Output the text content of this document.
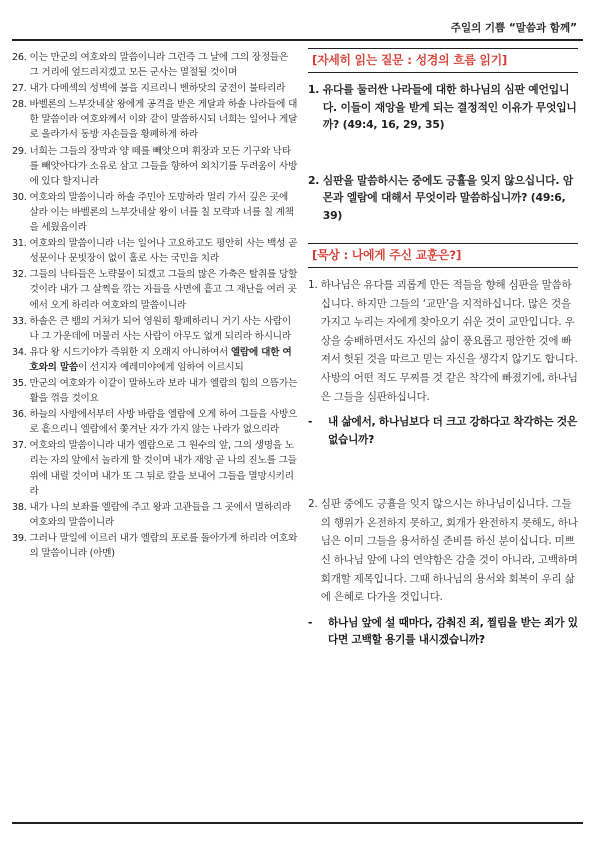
주일의 기쁨 “말씀과 함께”
26. 이는 만군의 여호와의 말씀이니라 그런즉 그 날에 그의 장정들은 그 거리에 엎드러지겠고 모든 군사는 멸절될 것이며
27. 내가 다메섹의 성벽에 불을 지르리니 벤하닷의 궁전이 불타리라
28. 바벨론의 느부갓네살 왕에게 공격을 받은 게달과 하솔 나라들에 대한 말씀이라 여호와께서 이와 같이 말씀하시되 너희는 일어나 게달로 올라가서 동방 자손들을 황폐하게 하라
29. 너희는 그들의 장막과 양 떼를 빼앗으며 휘장과 모든 기구와 낙타를 빼앗아다가 소유로 삼고 그들을 향하여 외치기를 두려움이 사방에 있다 할지니라
30. 여호와의 말씀이니라 하솔 주민아 도망하라 멀리 가서 깊은 곳에 살라 이는 바벨론의 느부갓네살 왕이 너를 칠 모략과 너를 칠 계책을 세웠음이라
31. 여호와의 말씀이니라 너는 일어나 고요하고도 평안히 사는 백성 곧 성문이나 문빗장이 없이 홀로 사는 국민을 치라
32. 그들의 낙타들은 노략물이 되겠고 그들의 많은 가축은 탈취를 당할 것이라 내가 그 살쩍을 깎는 자들을 사면에 흩고 그 재난을 여러 곳에서 오게 하리라 여호와의 말씀이니라
33. 하솔은 큰 뱀의 거처가 되어 영원히 황폐하리니 거기 사는 사람이나 그 가운데에 머물러 사는 사람이 아무도 없게 되리라 하시니라
34. 유다 왕 시드기야가 즉위한 지 오래지 아니하여서 엘람에 대한 여호와의 말씀이 선지자 예레미야에게 임하여 이르시되
35. 만군의 여호와가 이같이 말하노라 보라 내가 엘람의 힘의 으뜸가는 활을 꺾을 것이요
36. 하늘의 사방에서부터 사방 바람을 엘람에 오게 하여 그들을 사방으로 흩으리니 엘람에서 쫓겨난 자가 가지 않는 나라가 없으리라
37. 여호와의 말씀이니라 내가 엘람으로 그 원수의 앞, 그의 생명을 노리는 자의 앞에서 놀라게 할 것이며 내가 재앙 곧 나의 진노를 그들 위에 내릴 것이며 내가 또 그 뒤로 칼을 보내어 그들을 멸망시키리라
38. 내가 나의 보좌를 엘람에 주고 왕과 고관들을 그 곳에서 멸하리라 여호와의 말씀이니라
39. 그러나 말일에 이르러 내가 엘람의 포로를 돌아가게 하리라 여호와의 말씀이니라 (아멘)
[자세히 읽는 질문 : 성경의 흐름 읽기]
1. 유다를 둘러싼 나라들에 대한 하나님의 심판 예언입니다. 이들이 재앙을 받게 되는 결정적인 이유가 무엇입니까? (49:4, 16, 29, 35)
2. 심판을 말씀하시는 중에도 긍휼을 잊지 않으십니다. 암몬과 엘람에 대해서 무엇이라 말씀하십니까? (49:6, 39)
[묵상 : 나에게 주신 교훈은?]
1. 하나님은 유다를 괴롭게 만든 적들을 향해 심판을 말씀하십니다. 하지만 그들의 ‘교만’을 지적하십니다. 많은 것을 가지고 누리는 자에게 찾아오기 쉬운 것이 교만입니다. 우상을 숭배하면서도 자신의 삶이 풍요롭고 평안한 것에 빠져서 헛된 것을 따르고 믿는 자신을 생각지 않기도 합니다. 사방의 어떤 적도 무찌를 것 같은 착각에 빠졌기에, 하나님은 그들을 심판하십니다.
-	내 삶에서, 하나님보다 더 크고 강하다고 착각하는 것은 없습니까?
2. 심판 중에도 긍휼을 잊지 않으시는 하나님이십니다. 그들의 행위가 온전하지 못하고, 회개가 완전하지 못해도, 하나님은 이미 그들을 용서하실 준비를 하신 분이십니다. 미쁘신 하나님 앞에 나의 연약함은 감출 것이 아니라, 고백하며 회개할 제목입니다. 그때 하나님의 용서와 회복이 우리 삶에 은혜로 다가올 것입니다.
-	하나님 앞에 설 때마다, 감춰진 죄, 찔림을 받는 죄가 있다면 고백할 용기를 내시겠습니까?
